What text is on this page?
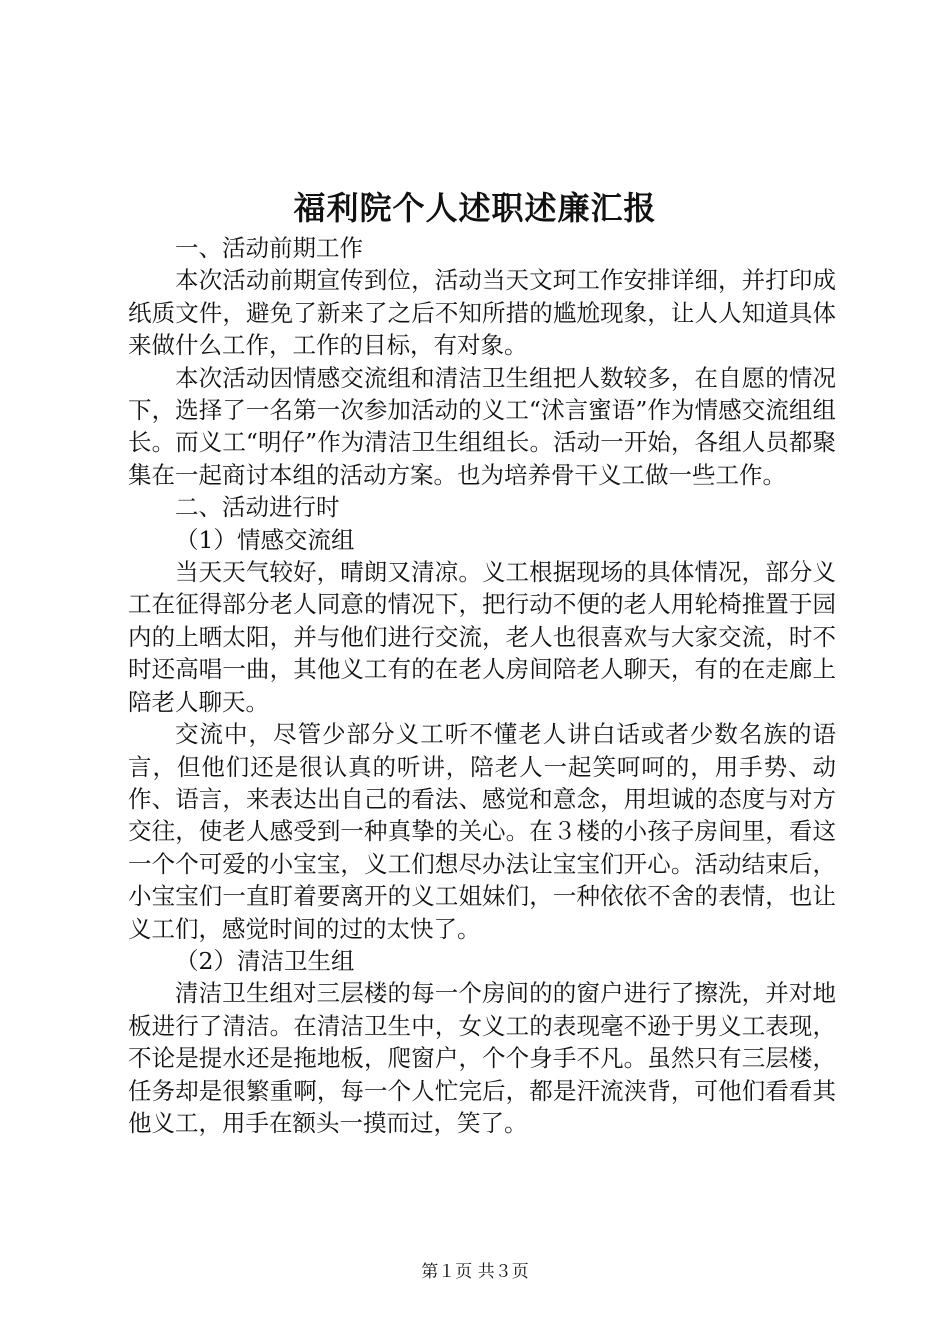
福利院个人述职述廉汇报

一、活动前期工作

本次活动前期宣传到位，活动当天文珂工作安排详细，并打印成纸质文件，避免了新来了之后不知所措的尴尬现象，让人人知道具体来做什么工作，工作的目标，有对象。

本次活动因情感交流组和清洁卫生组把人数较多，在自愿的情况下，选择了一名第一次参加活动的义工“沭言蜜语”作为情感交流组组长。而义工“明仔”作为清洁卫生组组长。活动一开始，各组人员都聚集在一起商讨本组的活动方案。也为培养骨干义工做一些工作。

二、活动进行时

（1）情感交流组

当天天气较好，晴朗又清凉。义工根据现场的具体情况，部分义工在征得部分老人同意的情况下，把行动不便的老人用轮椅推置于园内的上晒太阳，并与他们进行交流，老人也很喜欢与大家交流，时不时还高唱一曲，其他义工有的在老人房间陪老人聊天，有的在走廊上陪老人聊天。

交流中，尽管少部分义工听不懂老人讲白话或者少数名族的语言，但他们还是很认真的听讲，陪老人一起笑呵呵的，用手势、动作、语言，来表达出自己的看法、感觉和意念，用坦诚的态度与对方交往，使老人感受到一种真挚的关心。在３楼的小孩子房间里，看这一个个可爱的小宝宝，义工们想尽办法让宝宝们开心。活动结束后，小宝宝们一直盯着要离开的义工姐妹们，一种依依不舍的表情，也让义工们，感觉时间的过的太快了。

（2）清洁卫生组

清洁卫生组对三层楼的每一个房间的的窗户进行了擦洗，并对地板进行了清洁。在清洁卫生中，女义工的表现毫不逊于男义工表现，不论是提水还是拖地板，爬窗户，个个身手不凡。虽然只有三层楼，任务却是很繁重啊，每一个人忙完后，都是汗流浃背，可他们看看其他义工，用手在额头一摸而过，笑了。

第１页 共３页
